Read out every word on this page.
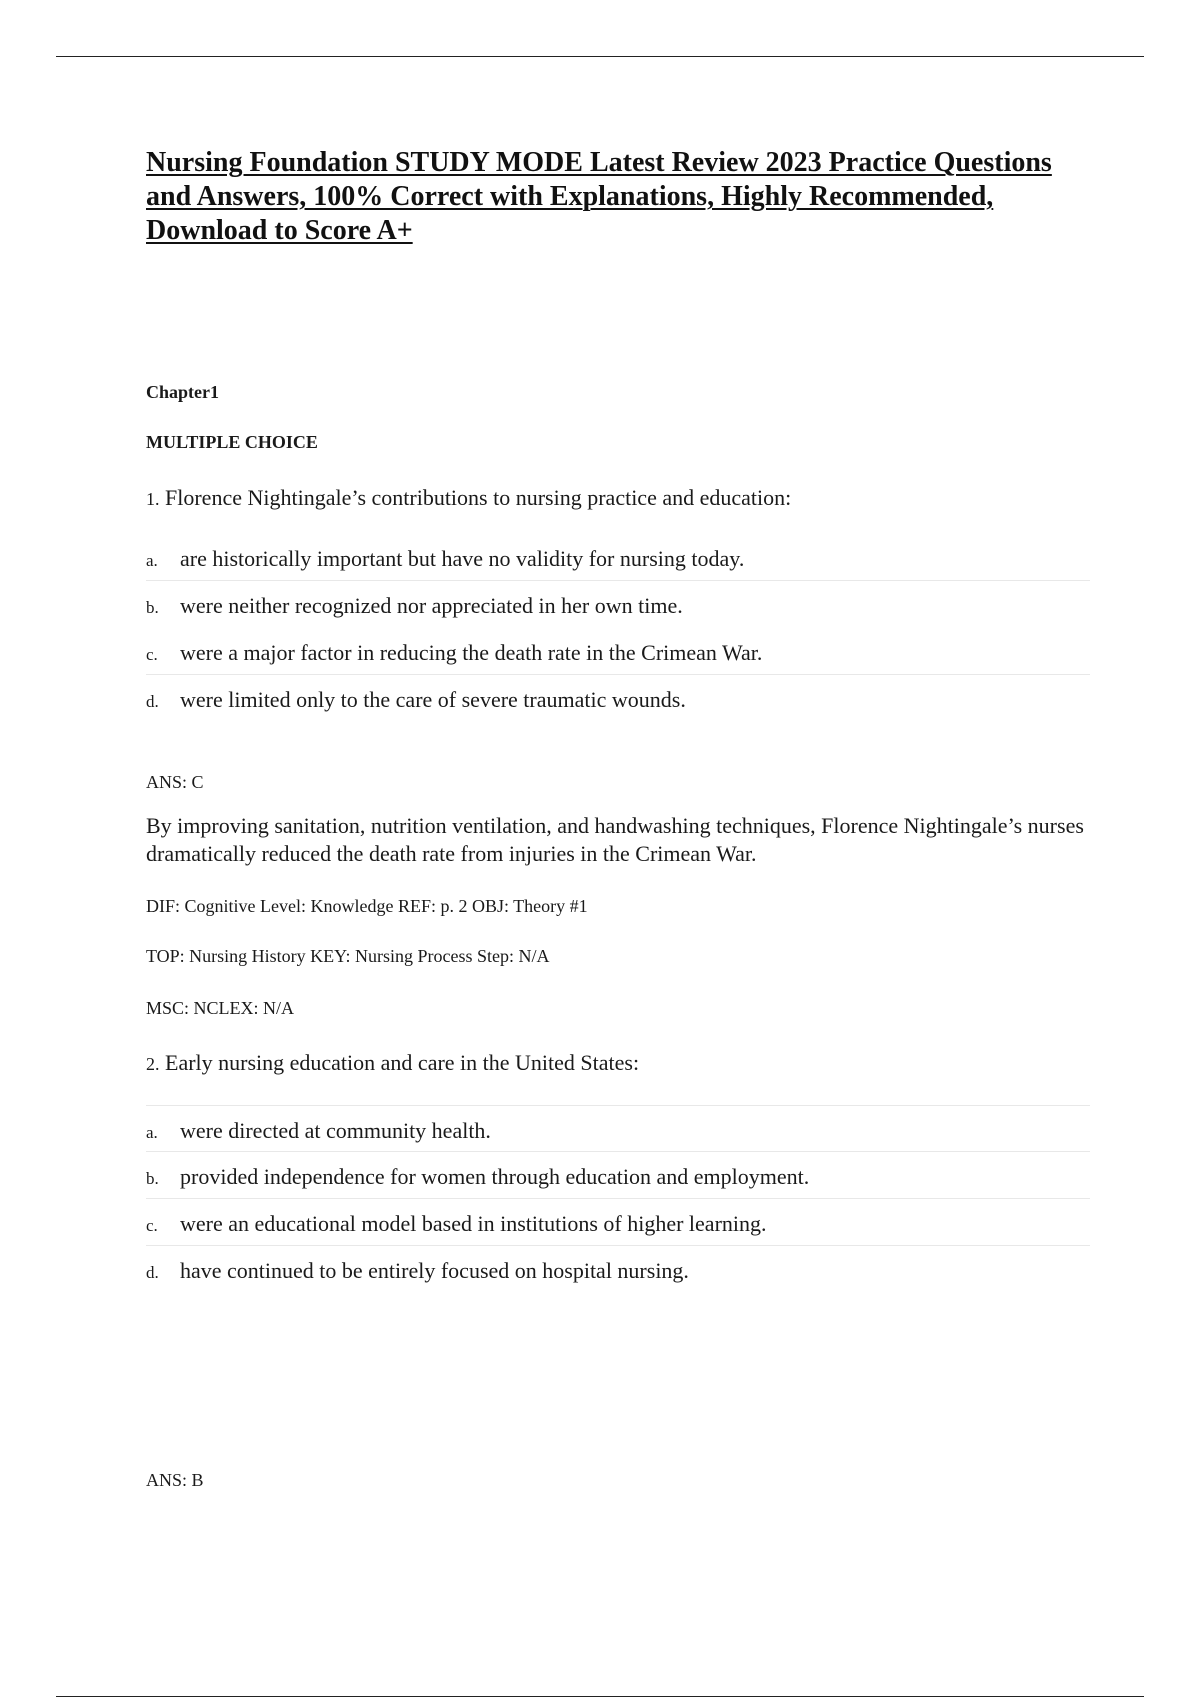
Nursing Foundation STUDY MODE Latest Review 2023 Practice Questions and Answers, 100% Correct with Explanations, Highly Recommended, Download to Score A+
Chapter1
MULTIPLE CHOICE
1. Florence Nightingale’s contributions to nursing practice and education:
a. are historically important but have no validity for nursing today.
b. were neither recognized nor appreciated in her own time.
c. were a major factor in reducing the death rate in the Crimean War.
d. were limited only to the care of severe traumatic wounds.
ANS: C
By improving sanitation, nutrition ventilation, and handwashing techniques, Florence Nightingale’s nurses dramatically reduced the death rate from injuries in the Crimean War.
DIF: Cognitive Level: Knowledge REF: p. 2 OBJ: Theory #1
TOP: Nursing History KEY: Nursing Process Step: N/A
MSC: NCLEX: N/A
2. Early nursing education and care in the United States:
a. were directed at community health.
b. provided independence for women through education and employment.
c. were an educational model based in institutions of higher learning.
d. have continued to be entirely focused on hospital nursing.
ANS: B
